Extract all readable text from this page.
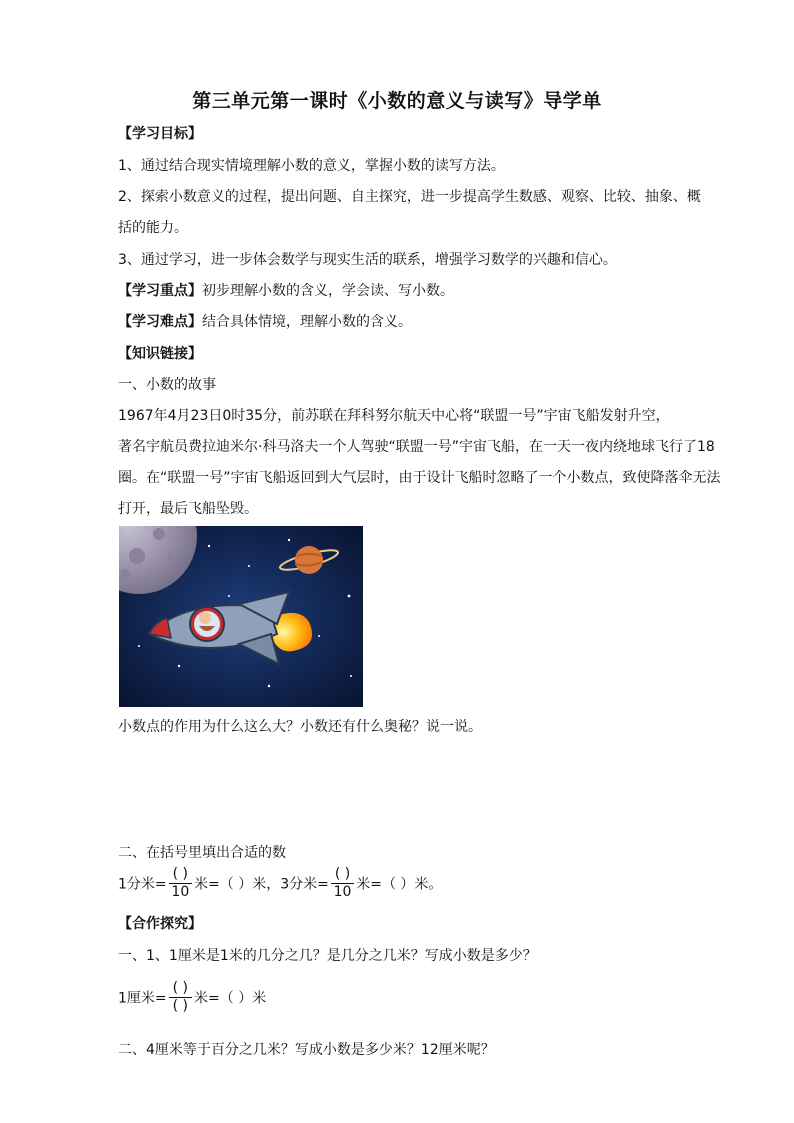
第三单元第一课时《小数的意义与读写》导学单
【学习目标】
1、通过结合现实情境理解小数的意义，掌握小数的读写方法。
2、探索小数意义的过程，提出问题、自主探究，进一步提高学生数感、观察、比较、抽象、概
括的能力。
3、通过学习，进一步体会数学与现实生活的联系，增强学习数学的兴趣和信心。
【学习重点】初步理解小数的含义，学会读、写小数。
【学习难点】结合具体情境，理解小数的含义。
【知识链接】
一、小数的故事
1967年4月23日0时35分，前苏联在拜科努尔航天中心将“联盟一号”宇宙飞船发射升空，
著名宇航员费拉迪米尔·科马洛夫一个人驾驶“联盟一号”宇宙飞船，在一天一夜内绕地球飞行了18
圈。在“联盟一号”宇宙飞船返回到大气层时，由于设计飞船时忽略了一个小数点，致使降落伞无法
打开，最后飞船坠毁。
小数点的作用为什么这么大？小数还有什么奥秘？说一说。
二、在括号里填出合适的数
1分米= $\frac{( )}{10}$ 米=（ ）米，3分米= $\frac{( )}{10}$ 米=（ ）米。
【合作探究】
一、1、1厘米是1米的几分之几？是几分之几米？写成小数是多少？
1厘米= $\frac{( )}{( )}$ 米=（ ）米
二、4厘米等于百分之几米？写成小数是多少米？12厘米呢？
